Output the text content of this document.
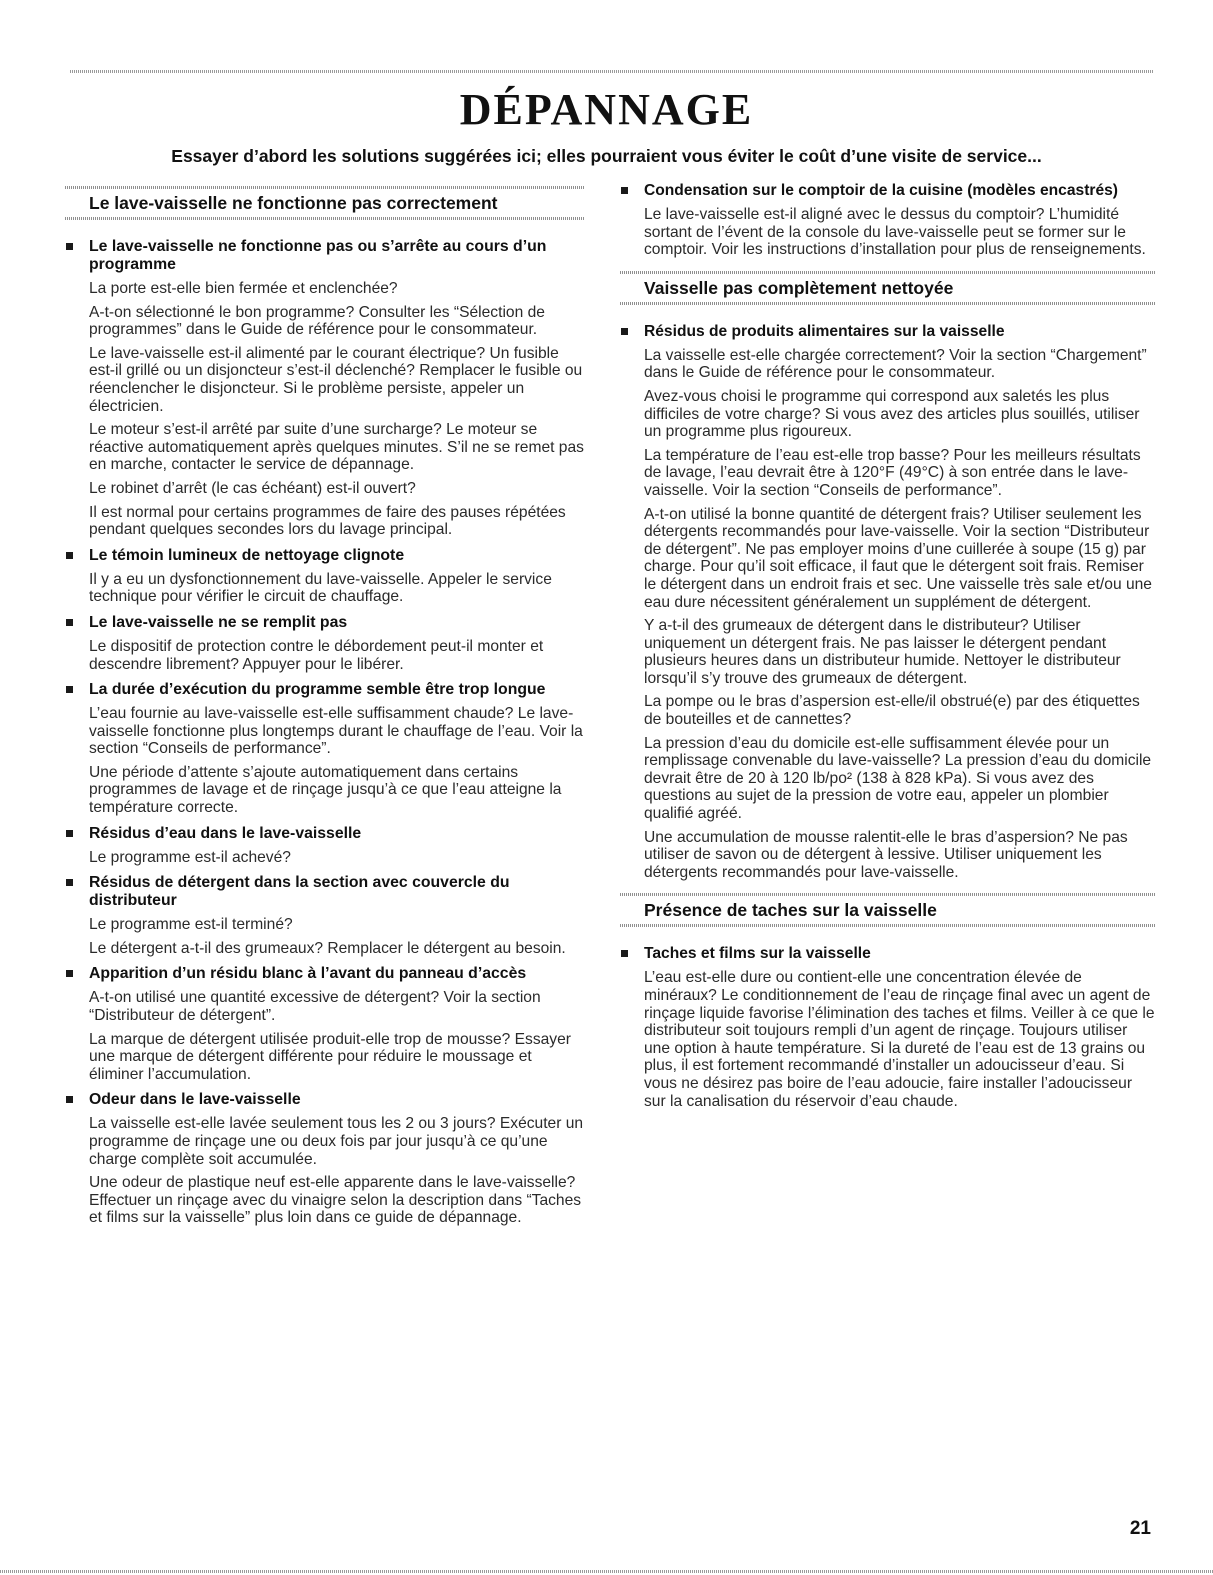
DÉPANNAGE
Essayer d’abord les solutions suggérées ici; elles pourraient vous éviter le coût d’une visite de service...
Le lave-vaisselle ne fonctionne pas correctement
Le lave-vaisselle ne fonctionne pas ou s’arrête au cours d’un programme

La porte est-elle bien fermée et enclenchée?

A-t-on sélectionné le bon programme? Consulter les “Sélection de programmes” dans le Guide de référence pour le consommateur.

Le lave-vaisselle est-il alimenté par le courant électrique? Un fusible est-il grillé ou un disjoncteur s’est-il déclenché? Remplacer le fusible ou réenclencher le disjoncteur. Si le problème persiste, appeler un électricien.

Le moteur s’est-il arrêté par suite d’une surcharge? Le moteur se réactive automatiquement après quelques minutes. S’il ne se remet pas en marche, contacter le service de dépannage.

Le robinet d’arrêt (le cas échéant) est-il ouvert?

Il est normal pour certains programmes de faire des pauses répétées pendant quelques secondes lors du lavage principal.

Le témoin lumineux de nettoyage clignote

Il y a eu un dysfonctionnement du lave-vaisselle. Appeler le service technique pour vérifier le circuit de chauffage.

Le lave-vaisselle ne se remplit pas

Le dispositif de protection contre le débordement peut-il monter et descendre librement? Appuyer pour le libérer.

La durée d’exécution du programme semble être trop longue

L’eau fournie au lave-vaisselle est-elle suffisamment chaude? Le lave-vaisselle fonctionne plus longtemps durant le chauffage de l’eau. Voir la section “Conseils de performance”.

Une période d’attente s’ajoute automatiquement dans certains programmes de lavage et de rinçage jusqu’à ce que l’eau atteigne la température correcte.

Résidus d’eau dans le lave-vaisselle

Le programme est-il achevé?

Résidus de détergent dans la section avec couvercle du distributeur

Le programme est-il terminé?

Le détergent a-t-il des grumeaux? Remplacer le détergent au besoin.

Apparition d’un résidu blanc à l’avant du panneau d’accès

A-t-on utilisé une quantité excessive de détergent? Voir la section “Distributeur de détergent”.

La marque de détergent utilisée produit-elle trop de mousse? Essayer une marque de détergent différente pour réduire le moussage et éliminer l’accumulation.

Odeur dans le lave-vaisselle

La vaisselle est-elle lavée seulement tous les 2 ou 3 jours? Exécuter un programme de rinçage une ou deux fois par jour jusqu’à ce qu’une charge complète soit accumulée.

Une odeur de plastique neuf est-elle apparente dans le lave-vaisselle? Effectuer un rinçage avec du vinaigre selon la description dans “Taches et films sur la vaisselle” plus loin dans ce guide de dépannage.

Condensation sur le comptoir de la cuisine (modèles encastrés)

Le lave-vaisselle est-il aligné avec le dessus du comptoir? L’humidité sortant de l’évent de la console du lave-vaisselle peut se former sur le comptoir. Voir les instructions d’installation pour plus de renseignements.

Vaisselle pas complètement nettoyée
Résidus de produits alimentaires sur la vaisselle

La vaisselle est-elle chargée correctement? Voir la section “Chargement” dans le Guide de référence pour le consommateur.

Avez-vous choisi le programme qui correspond aux saletés les plus difficiles de votre charge? Si vous avez des articles plus souillés, utiliser un programme plus rigoureux.

La température de l’eau est-elle trop basse? Pour les meilleurs résultats de lavage, l’eau devrait être à 120°F (49°C) à son entrée dans le lave-vaisselle. Voir la section “Conseils de performance”.

A-t-on utilisé la bonne quantité de détergent frais? Utiliser seulement les détergents recommandés pour lave-vaisselle. Voir la section “Distributeur de détergent”. Ne pas employer moins d’une cuillerée à soupe (15 g) par charge. Pour qu’il soit efficace, il faut que le détergent soit frais. Remiser le détergent dans un endroit frais et sec. Une vaisselle très sale et/ou une eau dure nécessitent généralement un supplément de détergent.

Y a-t-il des grumeaux de détergent dans le distributeur? Utiliser uniquement un détergent frais. Ne pas laisser le détergent pendant plusieurs heures dans un distributeur humide. Nettoyer le distributeur lorsqu’il s’y trouve des grumeaux de détergent.

La pompe ou le bras d’aspersion est-elle/il obstrué(e) par des étiquettes de bouteilles et de cannettes?

La pression d’eau du domicile est-elle suffisamment élevée pour un remplissage convenable du lave-vaisselle? La pression d’eau du domicile devrait être de 20 à 120 lb/po² (138 à 828 kPa). Si vous avez des questions au sujet de la pression de votre eau, appeler un plombier qualifié agréé.

Une accumulation de mousse ralentit-elle le bras d’aspersion? Ne pas utiliser de savon ou de détergent à lessive. Utiliser uniquement les détergents recommandés pour lave-vaisselle.

Présence de taches sur la vaisselle
Taches et films sur la vaisselle

L’eau est-elle dure ou contient-elle une concentration élevée de minéraux? Le conditionnement de l’eau de rinçage final avec un agent de rinçage liquide favorise l’élimination des taches et films. Veiller à ce que le distributeur soit toujours rempli d’un agent de rinçage. Toujours utiliser une option à haute température. Si la dureté de l’eau est de 13 grains ou plus, il est fortement recommandé d’installer un adoucisseur d’eau. Si vous ne désirez pas boire de l’eau adoucie, faire installer l’adoucisseur sur la canalisation du réservoir d’eau chaude.

21
